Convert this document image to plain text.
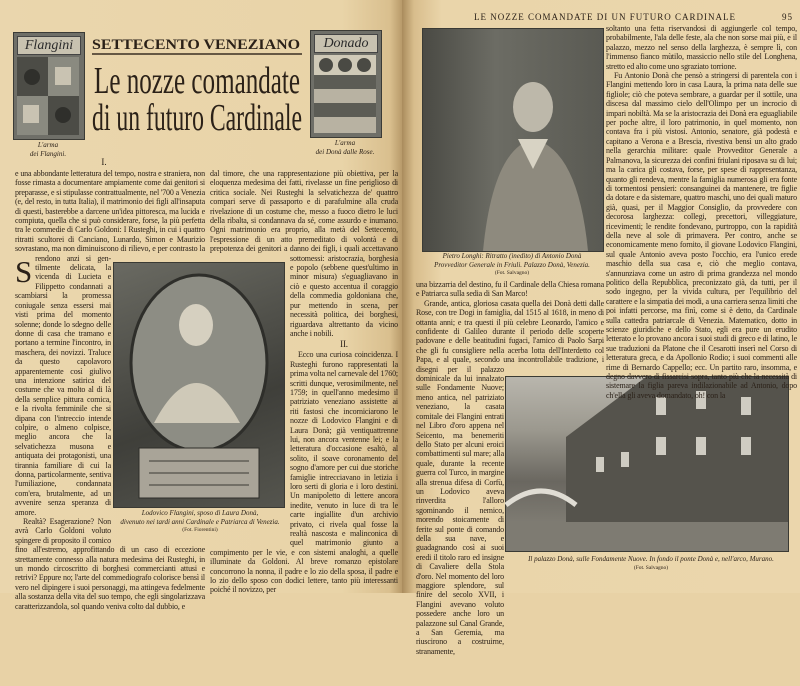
Flangini
L'arma
dei Flangini.
SETTECENTO VENEZIANO
Le nozze comandate
di un futuro Cardinale
Donado
L'arma
dei Donà dalle Rose.
I.

S
e una abbondante letteratura del tempo, nostra e straniera, non fosse rimasta a documentare ampiamente come dai genitori si preparasse, e si stipulasse contrattualmente, nel '700 a Venezia (e, del resto, in tutta Italia), il matrimonio dei figli all'insaputa di questi, basterebbe a darcene un'idea pittoresca, ma lucida e compiuta, quella che si può considerare, forse, la più perfetta tra le commedie di Carlo Goldoni: I Rusteghi, in cui i quattro ritratti scultorei di Canciano, Lunardo, Simon e Maurizio sovrastano, ma non diminuiscono di rilievo, e per contrasto la rendono anzi si gen-tilmente delicata, la vicenda di Lucieta e Filippetto condannati a scambiarsi la promessa coniugale senza essersi mai visti prima del momento solenne; donde lo sdegno delle donne di casa che tramano e portano a termine l'incontro, in maschera, dei novizzi. Traluce da questo capolavoro apparentemente così giulivo una intenzione satirica del costume che va molto al di là della semplice pittura comica, e la rivolta femminile che si dipana con l'intreccio intende colpire, o almeno colpisce, meglio ancora che la selvatichezza musona e antiquata dei protagonisti, una tirannia familiare di cui la donna, particolarmente, sentiva l'umiliazione, condannata com'era, brutalmente, ad un avvenire senza speranza di amore.

Realtà? Esagerazione? Non avrà Carlo Goldoni voluto spingere di proposito il comico fino all'estremo, approfittando di un caso di eccezione strettamente connesso alla natura medesima dei Rusteghi, in un mondo circoscritto di borghesi commercianti attusi e retrivi? Eppure no; l'arte del commediografo colorisce bensì il vero nel dipingere i suoi personaggi, ma attingeva fedelmente alla sostanza della vita del suo tempo, che egli singolarizzava caratterizzandola, sol quando veniva colto dal dubbio, e

Lodovico Flangini, sposo di Laura Donà,
divenuto nei tardi anni Cardinale e Patriarca di Venezia.
(Fot. Fiorentini)

dal timore, che una rappresentazione più obiettiva, per la eloquenza medesima dei fatti, rivelasse un fine periglioso di critica sociale. Nei Rusteghi la selvatichezza de' quattro compari serve di passaporto e di parafulmine alla cruda rivelazione di un costume che, messo a fuoco dietro le luci della ribalta, si condannava da sé, come assurdo e inumano. Ogni matrimonio era proprio, alla metà del Settecento, l'espressione di un atto premeditato di volontà e di prepotenza dei genitori a danno dei figli, i quali accettavano sottomessi: aristocrazia, borghesia e popolo (sebbene quest'ultimo in minor misura) s'eguagliavano in ciò e questo accentua il coraggio della commedia goldoniana che, pur mettendo in scena, per necessità politica, dei borghesi, riguardava altrettanto da vicino anche i nobili.

II.

Ecco una curiosa coincidenza. I Rusteghi furono rappresentati la prima volta nel carnevale del 1760; scritti dunque, verosimilmente, nel 1759; in quell'anno medesimo il patriziato veneziano assistette ai riti fastosi che incorniciarono le nozze di Lodovico Flangini e di Laura Donà; già ventiquattrenne lui, non ancora ventenne lei; e la letteratura d'occasione esaltò, al solito, il soave coronamento del sogno d'amore per cui due storiche famiglie intrecciavano in letizia i loro serti di gloria e i loro destini. Un manipoletto di lettere ancora inedite, venuto in luce di tra le carte ingiallite d'un archivio privato, ci rivela qual fosse la realtà nascosta e malinconica di quel matrimonio giunto a compimento per le vie, e con sistemi analoghi, a quelle illuminate da Goldoni. Al breve romanzo epistolare concorrono la nonna, il padre e lo zio della sposa, il padre e lo zio dello sposo con dodici lettere, tanto più interessanti poiché il novizzo, per

LE NOZZE COMANDATE DI UN FUTURO CARDINALE	95
Pietro Longhi: Ritratto (inedito) di Antonio Donà
Provveditor Generale in Friuli. Palazzo Donà, Venezia.
(Fot. Salvagno)

una bizzarria del destino, fu il Cardinale della Chiesa romana e Patriarca sulla sedia di San Marco!

Grande, antica, gloriosa casata quella dei Donà detti dalle Rose, con tre Dogi in famiglia, dal 1515 al 1618, in meno di ottanta anni; e tra questi il più celebre Leonardo, l'amico e confidente di Galileo durante il periodo delle scoperte padovane e delle beatitudini fugaci, l'amico di Paolo Sarpi che gli fu consigliere nella acerba lotta dell'Interdetto col Papa, e al quale, secondo una incontrollabile tradizione, i disegni per il palazzo dominicale da lui innalzato sulle Fondamente Nuove; meno antica, nel patriziato veneziano, la casata comitale dei Flangini entrati nel Libro d'oro appena nel Seicento, ma benemeriti dello Stato per alcuni eroici combattimenti sul mare; alla quale, durante la recente guerra col Turco, in margine alla strenua difesa di Corfù, un Lodovico aveva rinverdita l'alloro sgominando il nemico, morendo stoicamente di ferite sul ponte di comando della sua nave, e guadagnando così ai suoi eredi il titolo raro ed insigne di Cavaliere della Stola d'oro. Nel momento del loro maggiore splendore, sul finire del secolo XVII, i Flangini avevano voluto possedere anche loro un palazzone sul Canal Grande, a San Geremia, ma riuscirono a costruirne, stranamente,

soltanto una fetta riservandosi di aggiungerle col tempo, probabilmente, l'ala delle feste, ala che non sorse mai più, e il palazzo, mezzo nel senso della larghezza, è sempre lì, con l'immenso fianco mùtilo, massiccio nello stile del Longhena, stretto ed alto come uno sgraziato torrione.

Fu Antonio Donà che pensò a stringersi di parentela con i Flangini mettendo loro in casa Laura, la prima nata delle sue figliole; ciò che poteva sembrare, a guardar per il sottile, una discesa dal massimo cielo dell'Olimpo per un incrocio di impari nobiltà. Ma se la aristocrazia dei Donà era eguagliabile per poche altre, il loro patrimonio, in quel momento, non contava fra i più vistosi. Antonio, senatore, già podestà e capitano a Verona e a Brescia, rivestiva bensì un alto grado nella gerarchia militare: quale Provveditor Generale a Palmanova, la sicurezza dei confini friulani riposava su di lui; ma la carica gli costava, forse, per spese di rappresentanza, quanto gli rendeva, mentre la famiglia numerosa gli era fonte di tormentosi pensieri: consanguinei da mantenere, tre figlie da dotare e da sistemare, quattro maschi, uno dei quali maturo già, quasi, per il Maggior Consiglio, da provvedere con decorosa larghezza: collegi, precettori, villeggiature, ricevimenti; le rendite fondevano, purtroppo, con la rapidità della neve al sole di primavera. Per contro, anche se economicamente meno fornito, il giovane Lodovico Flangini, sul quale Antonio aveva posto l'occhio, era l'unico erede maschio della sua casa e, ciò che meglio contava, s'annunziava come un astro di prima grandezza nel mondo politico della Repubblica, preconizzato già, da tutti, per il sodo ingegno, per la vivida cultura, per l'equilibrio del carattere e la simpatia dei modi, a una carriera senza limiti che poi infatti percorse, ma finì, come si è detto, da Cardinale sulla cattedra patriarcale di Venezia. Matematico, dotto in scienze giuridiche e dello Stato, egli era pure un erudito letterato e lo provano ancora i suoi studi di greco e di latino, le sue traduzioni da Platone che il Cesarotti inserì nel Corso di letteratura greca, e da Apollonio Rodio; i suoi commenti alle rime di Bernardo Cappello; ecc. Un partito raro, insomma, e degno davvero di fissarcisi sopra, tanto più che la necessità di sistemare la figlia pareva indilazionabile ad Antonio, dopo ch'ella gli aveva domandato, oh! con la

Il palazzo Donà, sulle Fondamente Nuove. In fondo il ponte Donà e, nell'arco, Murano.
(Fot. Salvagno)
